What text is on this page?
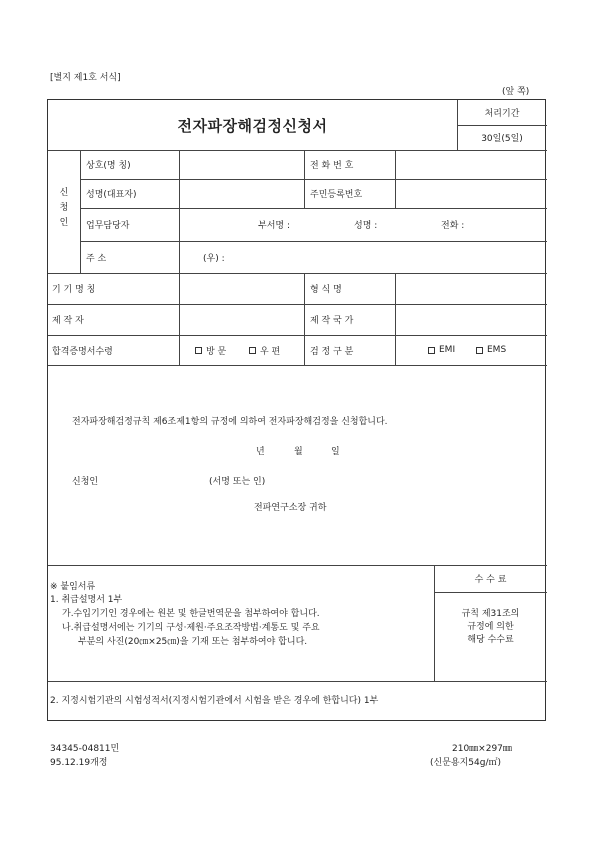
[별지 제1호 서식]
(앞 쪽)
전자파장해검정신청서
처리기간
30일(5일)
신
청
인
상호(명 칭)	전 화 번 호
성명(대표자)	주민등록번호
업무담당자	부서명 :	성명 :	전화 :
주 소	(우) :
기 기 명 칭	형 식 명
제 작 자	제 작 국 가
합격증명서수령	방 문	우 편	검 정 구 분	EMI	EMS
전자파장해검정규칙 제6조제1항의 규정에 의하여 전자파장해검정을 신청합니다.
년	월	일
신청인	(서명 또는 인)
전파연구소장 귀하
※ 붙임서류
1. 취급설명서 1부
가.수입기기인 경우에는 원본 및 한글번역문을 첨부하여야 합니다.
나.취급설명서에는 기기의 구성·제원·주요조작방법·계통도 및 주요
부분의 사진(20㎝×25㎝)을 기재 또는 첨부하여야 합니다.
2. 지정시험기관의 시험성적서(지정시험기관에서 시험을 받은 경우에 한합니다) 1부
수 수 료
규칙 제31조의
규정에 의한
해당 수수료
34345-04811민
95.12.19개정
210㎜×297㎜
(신문용지54g/㎡)
